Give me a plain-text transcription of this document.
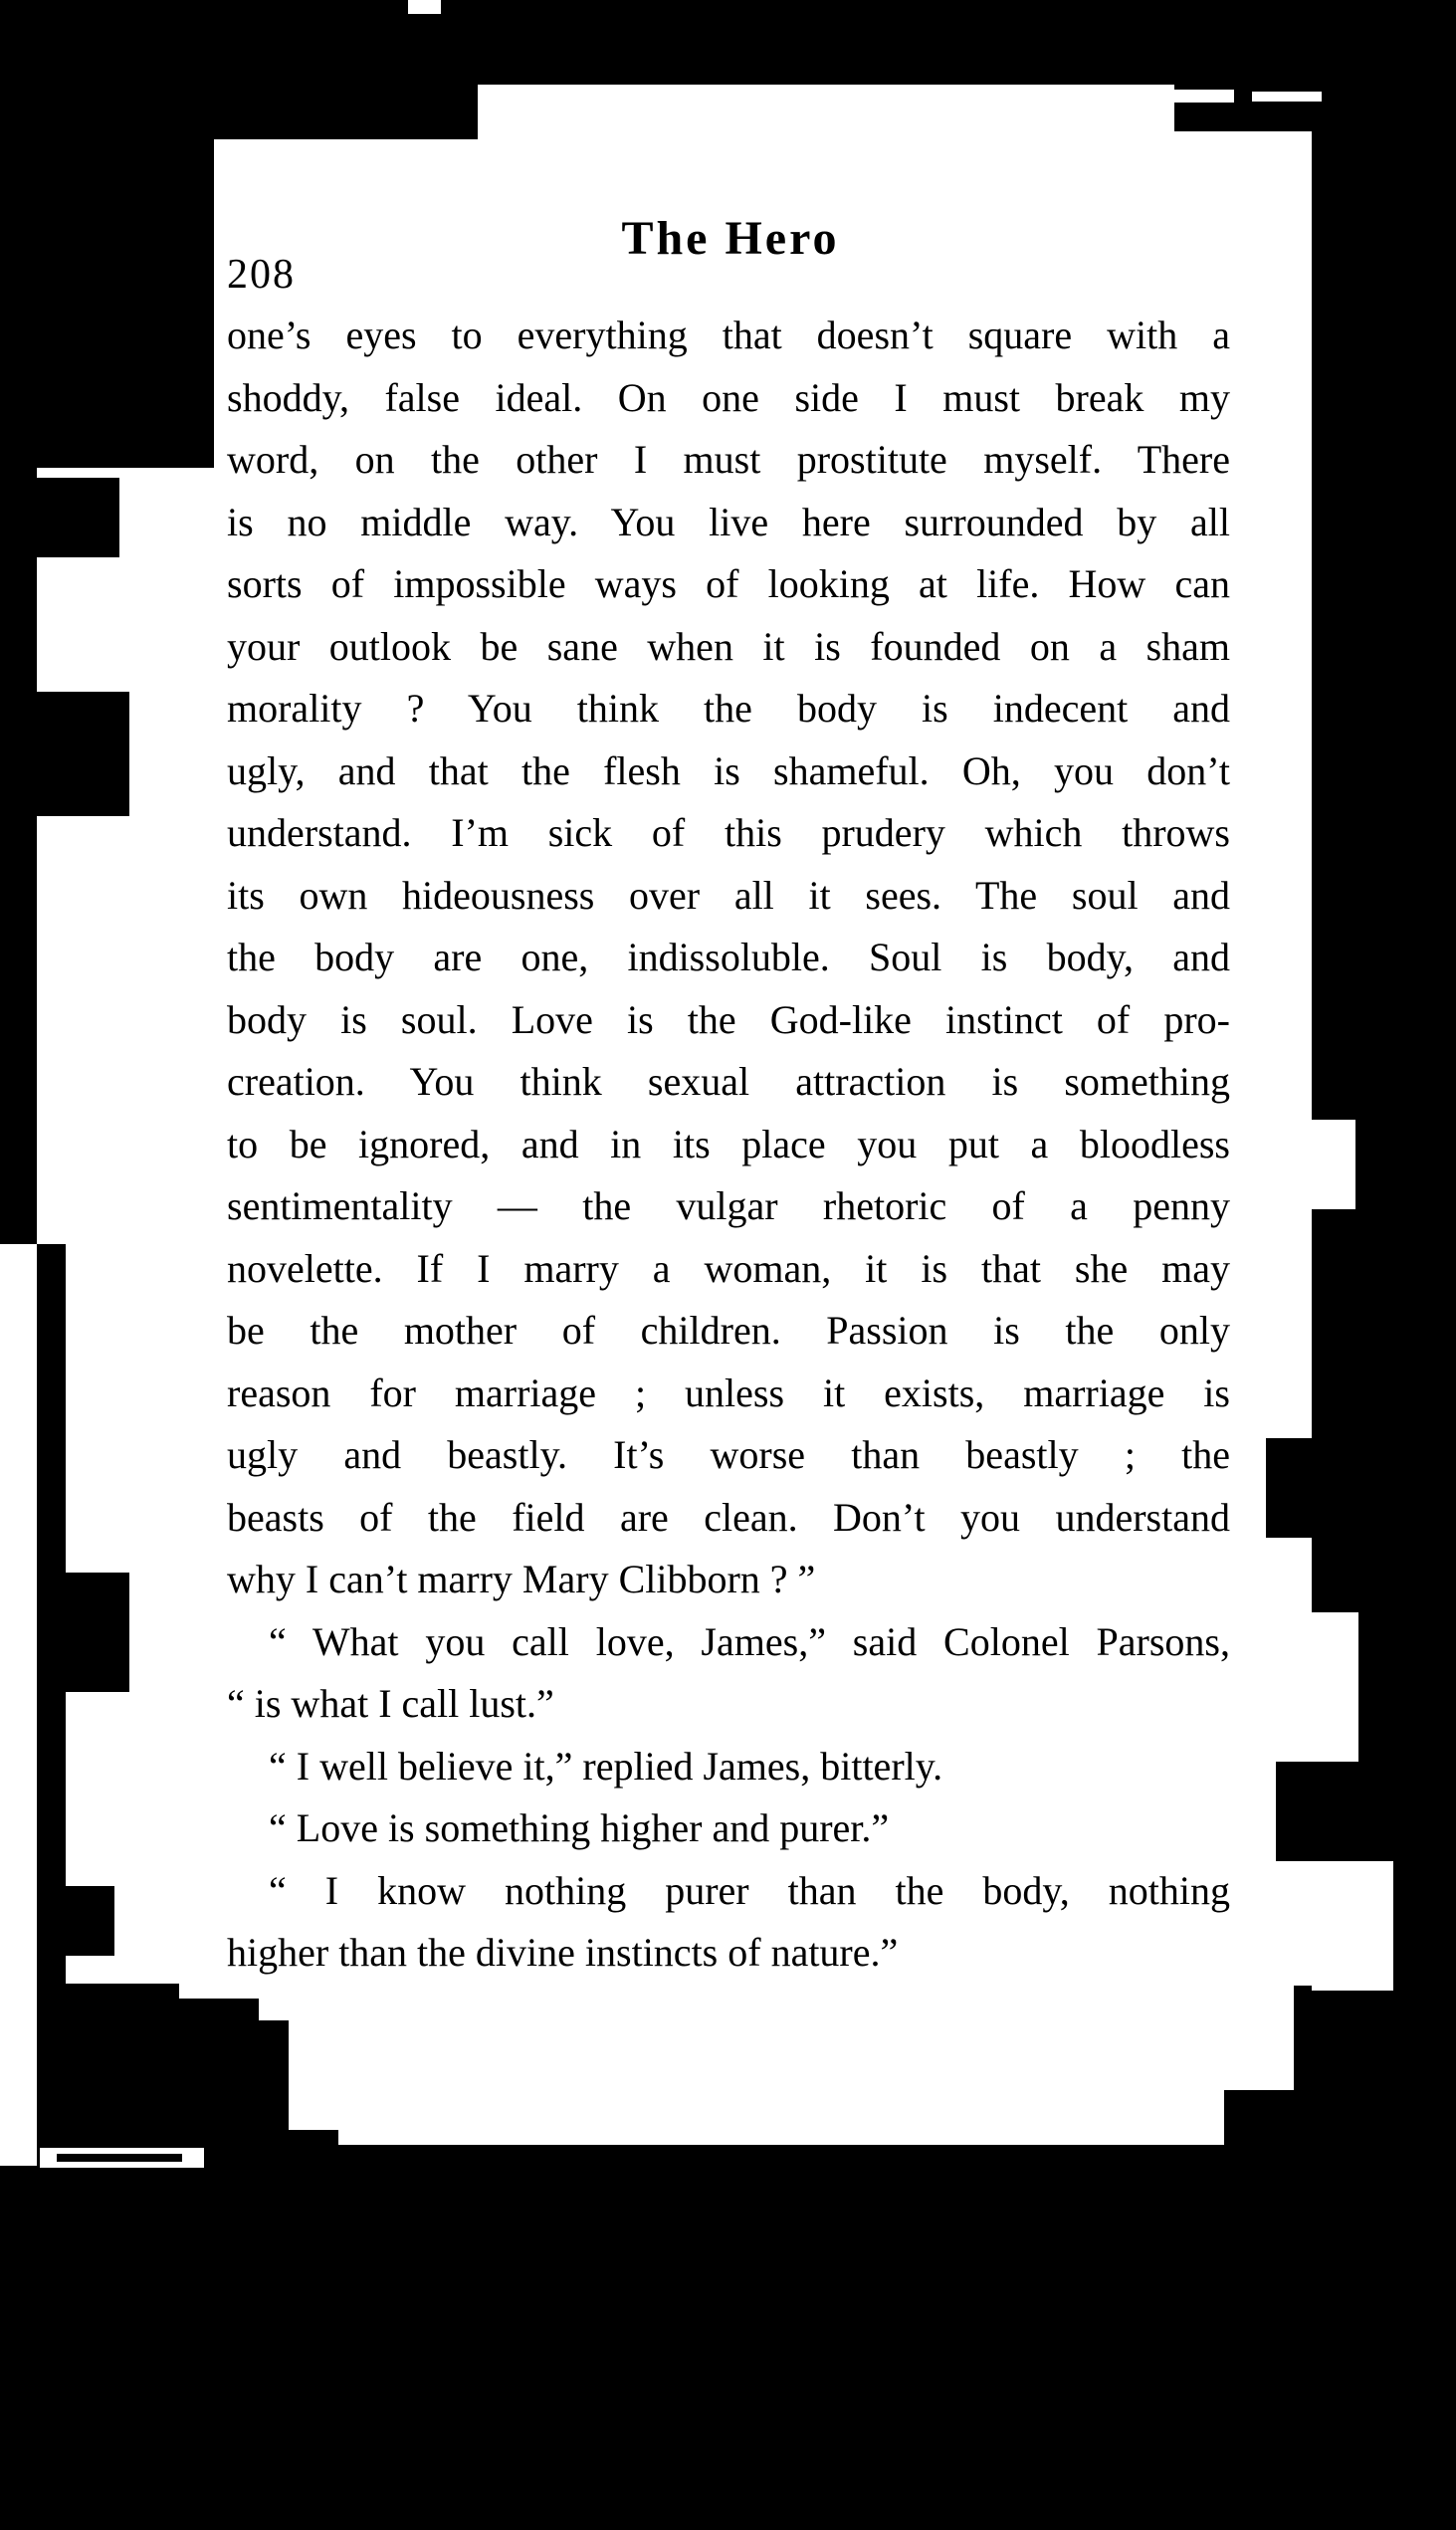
208
The Hero
one’s eyes to everything that doesn’t square with a
shoddy, false ideal. On one side I must break my
word, on the other I must prostitute myself. There
is no middle way. You live here surrounded by all
sorts of impossible ways of looking at life. How can
your outlook be sane when it is founded on a sham
morality ? You think the body is indecent and
ugly, and that the flesh is shameful. Oh, you don’t
understand. I’m sick of this prudery which throws
its own hideousness over all it sees. The soul and
the body are one, indissoluble. Soul is body, and
body is soul. Love is the God-like instinct of pro-
creation. You think sexual attraction is something
to be ignored, and in its place you put a bloodless
sentimentality — the vulgar rhetoric of a penny
novelette. If I marry a woman, it is that she may
be the mother of children. Passion is the only
reason for marriage ; unless it exists, marriage is
ugly and beastly. It’s worse than beastly ; the
beasts of the field are clean. Don’t you understand
why I can’t marry Mary Clibborn ? ”
“ What you call love, James,” said Colonel Parsons,
“ is what I call lust.”
“ I well believe it,” replied James, bitterly.
“ Love is something higher and purer.”
“ I know nothing purer than the body, nothing
higher than the divine instincts of nature.”
